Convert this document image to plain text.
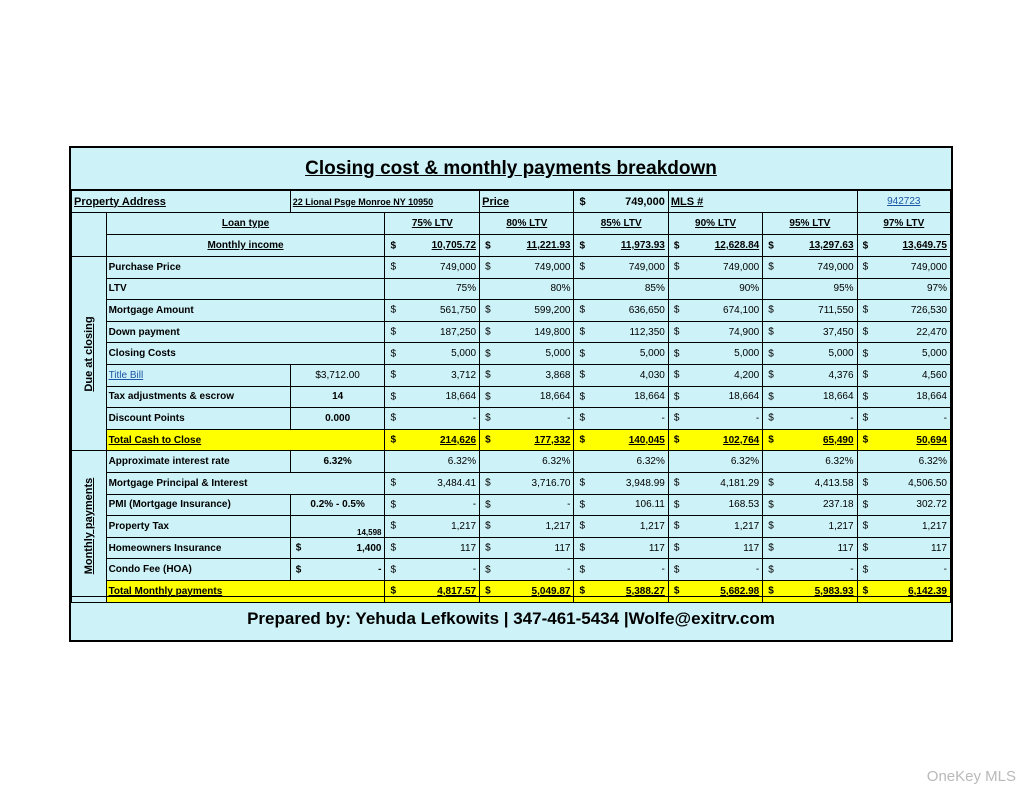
Closing cost & monthly payments breakdown
Property Address		22 Lional Psge Monroe NY 10950		Price	$ 749,000	MLS #		942723
	Loan type		75% LTV	80% LTV	85% LTV	90% LTV	95% LTV	97% LTV
	Monthly income		$ 10,705.72	$ 11,221.93	$ 11,973.93	$ 12,628.84	$ 13,297.63	$ 13,649.75

Due at closing	Purchase Price		$ 749,000	$ 749,000	$ 749,000	$ 749,000	$ 749,000	$ 749,000
	LTV		75%	80%	85%	90%	95%	97%
	Mortgage Amount		$ 561,750	$ 599,200	$ 636,650	$ 674,100	$ 711,550	$ 726,530
	Down payment		$ 187,250	$ 149,800	$ 112,350	$ 74,900	$ 37,450	$ 22,470
	Closing Costs		$ 5,000	$ 5,000	$ 5,000	$ 5,000	$ 5,000	$ 5,000
	Title Bill	$3,712.00	$ 3,712	$ 3,868	$ 4,030	$ 4,200	$ 4,376	$ 4,560
	Tax adjustments & escrow	14	$ 18,664	$ 18,664	$ 18,664	$ 18,664	$ 18,664	$ 18,664
	Discount Points	0.000	$ -	$ -	$ -	$ -	$ -	$ -
	Total Cash to Close		$ 214,626	$ 177,332	$ 140,045	$ 102,764	$ 65,490	$ 50,694

Monthly payments	Approximate interest rate	6.32%	6.32%	6.32%	6.32%	6.32%	6.32%	6.32%
	Mortgage Principal & Interest		$ 3,484.41	$ 3,716.70	$ 3,948.99	$ 4,181.29	$ 4,413.58	$ 4,506.50
	PMI (Mortgage Insurance)	0.2% - 0.5%	$ -	$ -	$ 106.11	$ 168.53	$ 237.18	$ 302.72
	Property Tax	14,598	$ 1,217	$ 1,217	$ 1,217	$ 1,217	$ 1,217	$ 1,217
	Homeowners Insurance	$ 1,400	$ 117	$ 117	$ 117	$ 117	$ 117	$ 117
	Condo Fee (HOA)	$ -	$ -	$ -	$ -	$ -	$ -	$ -
	Total Monthly payments		$ 4,817.57	$ 5,049.87	$ 5,388.27	$ 5,682.98	$ 5,983.93	$ 6,142.39
Prepared by: Yehuda Lefkowits | 347-461-5434 |Wolfe@exitrv.com
OneKey MLS
